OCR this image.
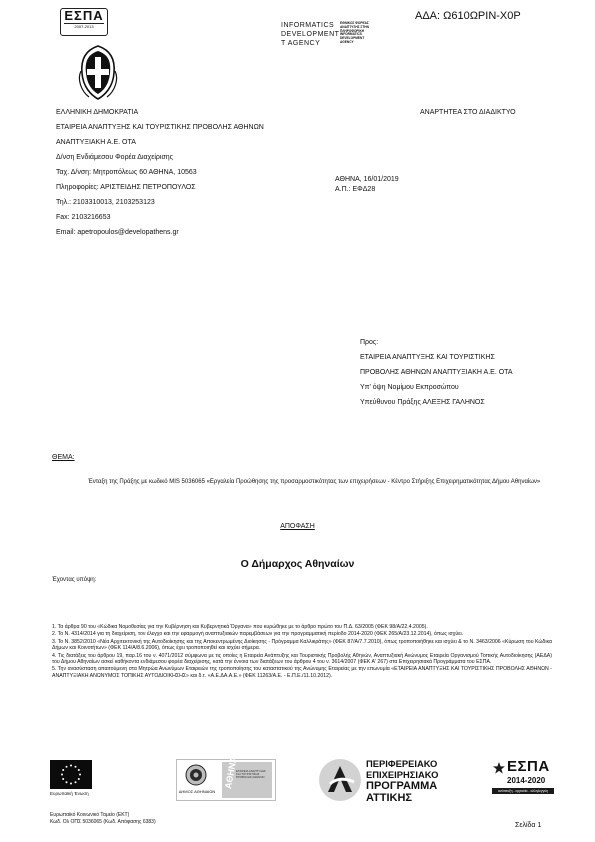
ΕΣΠΑ
2007-2013	INFORMATICS
DEVELOPMENT
T AGENCY
ΕΘΝΙΚΟΣ ΦΟΡΕΑΣ
ΑΝΑΠΤΥΞΗΣ ΣΤΗΝ
ΠΛΗΡΟΦΟΡΙΚΗ
INFORMATICS
DEVELOPMENT
AGENCY
ΑΔΑ: Ω610ΩΡΙΝ-Χ0Ρ
ΕΛΛΗΝΙΚΗ ΔΗΜΟΚΡΑΤΙΑ
ΕΤΑΙΡΕΙΑ ΑΝΑΠΤΥΞΗΣ ΚΑΙ ΤΟΥΡΙΣΤΙΚΗΣ ΠΡΟΒΟΛΗΣ ΑΘΗΝΩΝ
ΑΝΑΠΤΥΞΙΑΚΗ Α.Ε. ΟΤΑ
Δ/νση Ενδιάμεσου Φορέα Διαχείρισης
Ταχ. Δ/νση: Μητροπόλεως 60 ΑΘΗΝΑ, 10563
Πληροφορίες: ΑΡΙΣΤΕΙΔΗΣ ΠΕΤΡΟΠΟΥΛΟΣ
Τηλ.: 2103310013, 2103253123
Fax: 2103216653
Email: apetropoulos@developathens.gr
ΑΝΑΡΤΗΤΕΑ ΣΤΟ ΔΙΑΔΙΚΤΥΟ
ΑΘΗΝΑ, 16/01/2019
Α.Π.: ΕΦΔ28
Προς:
ΕΤΑΙΡΕΙΑ ΑΝΑΠΤΥΞΗΣ ΚΑΙ ΤΟΥΡΙΣΤΙΚΗΣ
ΠΡΟΒΟΛΗΣ ΑΘΗΝΩΝ ΑΝΑΠΤΥΞΙΑΚΗ Α.Ε. ΟΤΑ
Υπ' όψη Νομίμου Εκπροσώπου
Υπεύθυνου Πράξης ΑΛΕΞΗΣ ΓΑΛΗΝΟΣ
ΘΕΜΑ:
Ένταξη της Πράξης με κωδικό MIS 5036065 «Εργαλεία Προώθησης της προσαρμοστικότητας των επιχειρήσεων - Κέντρο Στήριξης Επιχειρηματικότητας Δήμου Αθηναίων»
ΑΠΟΦΑΣΗ
Ο Δήμαρχος Αθηναίων
Έχοντας υπόψη:
1. Τα άρθρα 90 του «Κώδικα Νομοθεσίας για την Κυβέρνηση και Κυβερνητικά Όργανα» που κυρώθηκε με το άρθρο πρώτο του Π.Δ. 63/2005 (ΦΕΚ 98/Α/22.4.2005).
2. Το Ν. 4314/2014 για τη διαχείριση, τον έλεγχο και την εφαρμογή αναπτυξιακών παρεμβάσεων για την προγραμματική περίοδο 2014-2020 (ΦΕΚ 265/Α/23.12.2014), όπως ισχύει.
3. Το Ν. 3852/2010 «Νέα Αρχιτεκτονική της Αυτοδιοίκησης και της Αποκεντρωμένης Διοίκησης - Πρόγραμμα Καλλικράτης» (ΦΕΚ 87/Α/7.7.2010), όπως τροποποιήθηκε και ισχύει & το Ν. 3463/2006 «Κύρωση του Κώδικα Δήμων και Κοινοτήτων» (ΦΕΚ 114/Α/8.6.2006), όπως έχει τροποποιηθεί και ισχύει σήμερα.
4. Τις διατάξεις του άρθρου 19, παρ.16 του ν. 4071/2012 σύμφωνα με τις οποίες η Εταιρεία Ανάπτυξης και Τουριστικής Προβολής Αθηνών, Αναπτυξιακή Ανώνυμος Εταιρεία Οργανισμού Τοπικής Αυτοδιοίκησης (ΑΕΔΑ) του Δήμου Αθηναίων ασκεί καθήκοντα ενδιάμεσου φορέα διαχείρισης, κατά την έννοια των διατάξεων του άρθρου 4 του ν. 3614/2007 (ΦΕΚ Α' 267) στα Επιχειρησιακά Προγράμματα του ΕΣΠΑ.
5. Την ανασύσταση απαιτούμενη στα Μητρώα Ανωνύμων Εταιρειών της τροποποίησης του καταστατικού της Ανώνυμης Εταιρείας με την επωνυμία «ΕΤΑΙΡΕΙΑ ΑΝΑΠΤΥΞΗΣ ΚΑΙ ΤΟΥΡΙΣΤΙΚΗΣ ΠΡΟΒΟΛΗΣ ΑΘΗΝΩΝ - ΑΝΑΠΤΥΞΙΑΚΗ ΑΝΩΝΥΜΟΣ ΤΟΠΙΚΗΣ ΑΥΤΟΔΙΟΙΚΗΣΗΣ» και δ.τ. «Α.Ε.ΔΑ.Α.Ε.» (ΦΕΚ 11263/Α.Ε. - Ε.Π.Ε./11.10.2012).
Ευρωπαϊκή Ένωση	ΔΗΜΟΣ ΑΘΗΝΑΙΩΝ
ΑΘΗΝΑ
ΕΤΑΙΡΕΙΑ ΑΝΑΠΤΥΞΗΣ ΚΑΙ ΤΟΥΡΙΣΤΙΚΗΣ ΠΡΟΒΟΛΗΣ ΑΘΗΝΩΝ
ΠΕΡΙΦΕΡΕΙΑΚΟ
ΕΠΙΧΕΙΡΗΣΙΑΚΟ
ΠΡΟΓΡΑΜΜΑ
ΑΤΤΙΚΗΣ
ΕΣΠΑ
2014-2020
ανάπτυξη - εργασία - αλληλεγγύη
Ευρωπαϊκό Κοινωνικό Ταμείο (ΕΚΤ)
Κωδ. Ολ ΟΠΣ 5036065 (Κωδ. Απόφασης 6383)
Σελίδα 1
